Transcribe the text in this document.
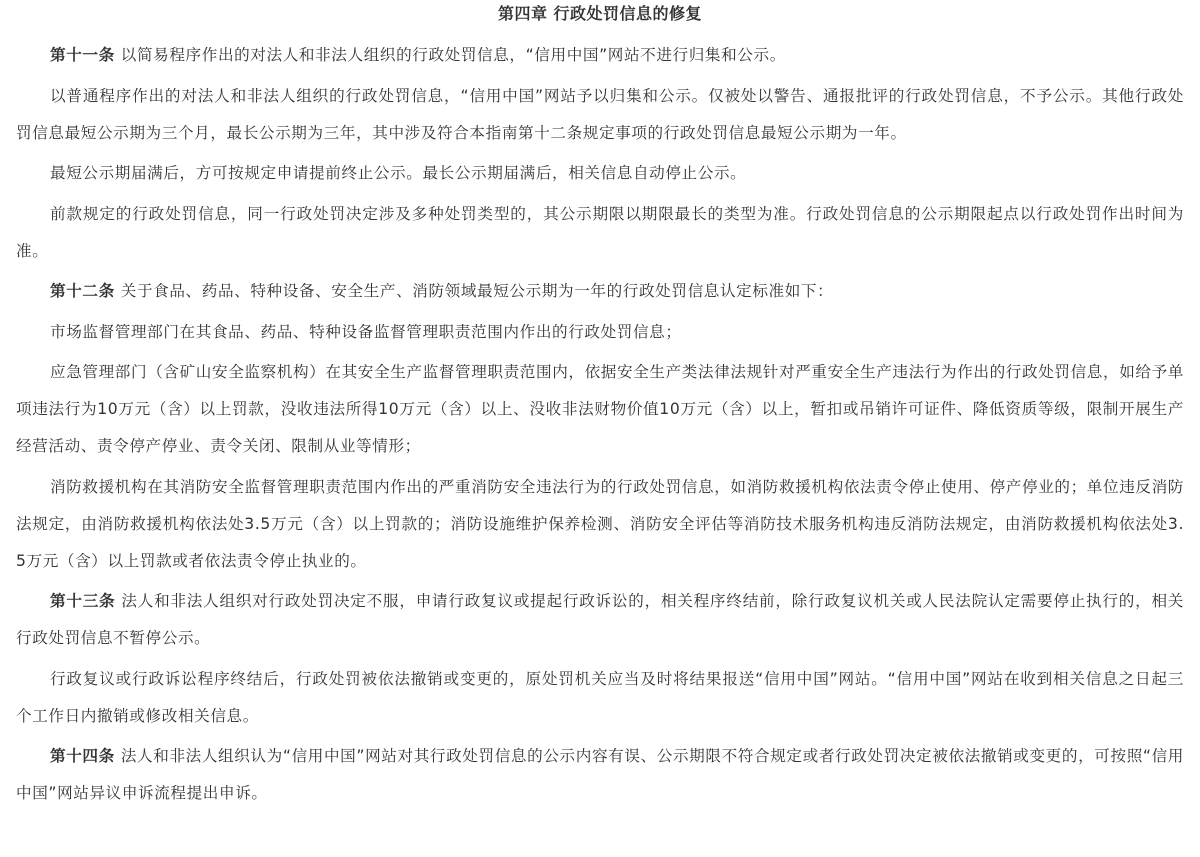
第四章 行政处罚信息的修复

第十一条 以简易程序作出的对法人和非法人组织的行政处罚信息，“信用中国”网站不进行归集和公示。

以普通程序作出的对法人和非法人组织的行政处罚信息，“信用中国”网站予以归集和公示。仅被处以警告、通报批评的行政处罚信息，不予公示。其他行政处罚信息最短公示期为三个月，最长公示期为三年，其中涉及符合本指南第十二条规定事项的行政处罚信息最短公示期为一年。

最短公示期届满后，方可按规定申请提前终止公示。最长公示期届满后，相关信息自动停止公示。

前款规定的行政处罚信息，同一行政处罚决定涉及多种处罚类型的，其公示期限以期限最长的类型为准。行政处罚信息的公示期限起点以行政处罚作出时间为准。

第十二条 关于食品、药品、特种设备、安全生产、消防领域最短公示期为一年的行政处罚信息认定标准如下：

市场监督管理部门在其食品、药品、特种设备监督管理职责范围内作出的行政处罚信息；

应急管理部门（含矿山安全监察机构）在其安全生产监督管理职责范围内，依据安全生产类法律法规针对严重安全生产违法行为作出的行政处罚信息，如给予单项违法行为10万元（含）以上罚款，没收违法所得10万元（含）以上、没收非法财物价值10万元（含）以上，暂扣或吊销许可证件、降低资质等级，限制开展生产经营活动、责令停产停业、责令关闭、限制从业等情形；

消防救援机构在其消防安全监督管理职责范围内作出的严重消防安全违法行为的行政处罚信息，如消防救援机构依法责令停止使用、停产停业的；单位违反消防法规定，由消防救援机构依法处3.5万元（含）以上罚款的；消防设施维护保养检测、消防安全评估等消防技术服务机构违反消防法规定，由消防救援机构依法处3.5万元（含）以上罚款或者依法责令停止执业的。

第十三条 法人和非法人组织对行政处罚决定不服，申请行政复议或提起行政诉讼的，相关程序终结前，除行政复议机关或人民法院认定需要停止执行的，相关行政处罚信息不暂停公示。

行政复议或行政诉讼程序终结后，行政处罚被依法撤销或变更的，原处罚机关应当及时将结果报送“信用中国”网站。“信用中国”网站在收到相关信息之日起三个工作日内撤销或修改相关信息。

第十四条 法人和非法人组织认为“信用中国”网站对其行政处罚信息的公示内容有误、公示期限不符合规定或者行政处罚决定被依法撤销或变更的，可按照“信用中国”网站异议申诉流程提出申诉。
